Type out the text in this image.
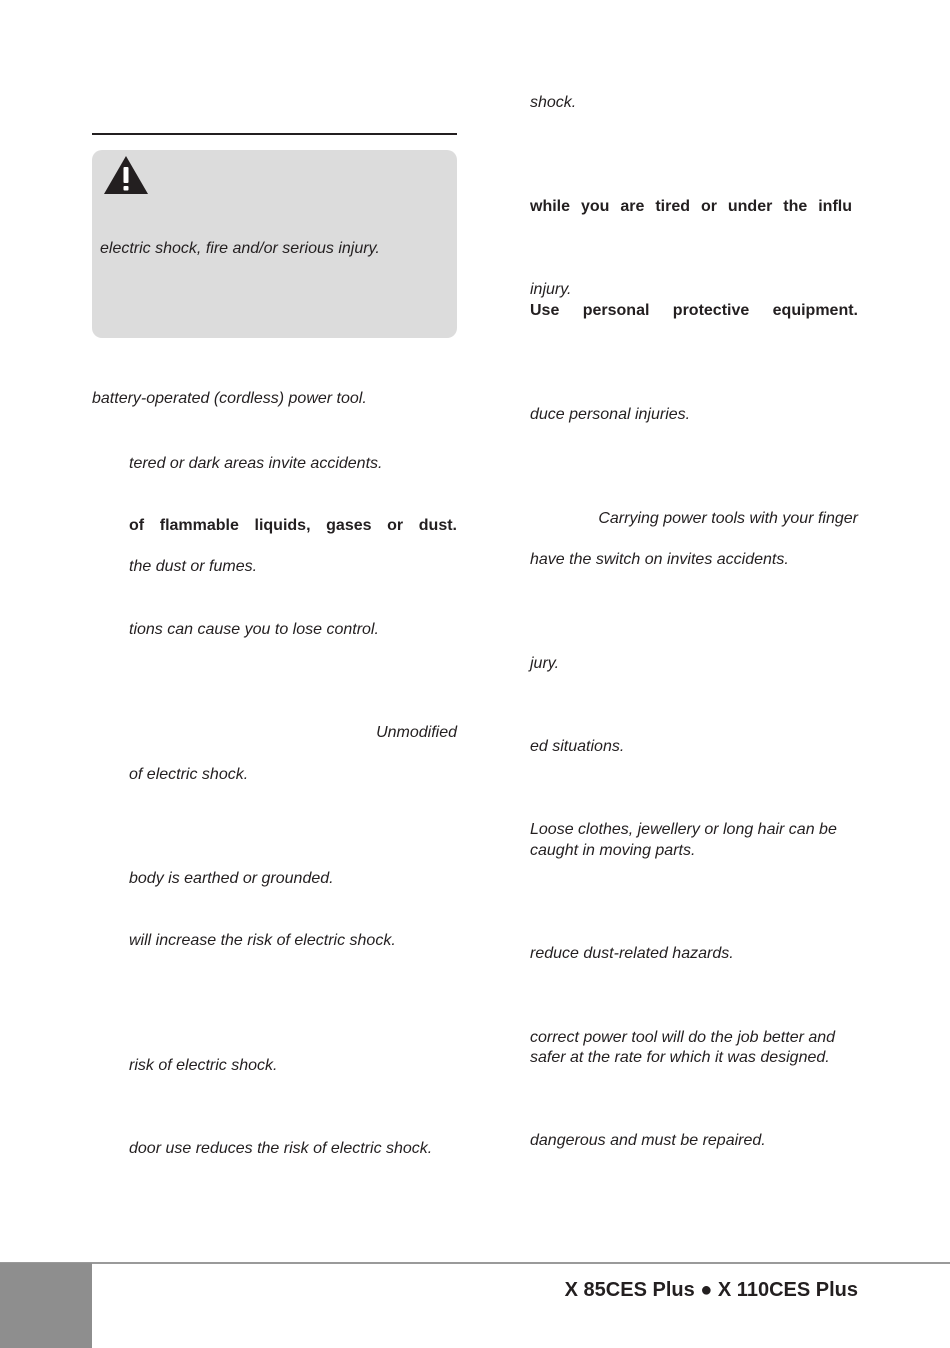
electric shock, fire and/or serious injury.
battery-operated (cordless) power tool.
tered or dark areas invite accidents.
of flammable liquids, gases or dust.
the dust or fumes.
tions can cause you to lose control.
Unmodified
of electric shock.
body is earthed or grounded.
will increase the risk of electric shock.
risk of electric shock.
door use reduces the risk of electric shock.
shock.
while you are tired or under the influ
injury.
Use personal protective equipment.
duce personal injuries.
Carrying power tools with your finger
have the switch on invites accidents.
jury.
ed situations.
Loose clothes, jewellery or long hair can be
caught in moving parts.
reduce dust-related hazards.
correct power tool will do the job better and
safer at the rate for which it was designed.
dangerous and must be repaired.
X 85CES Plus ● X 110CES Plus
